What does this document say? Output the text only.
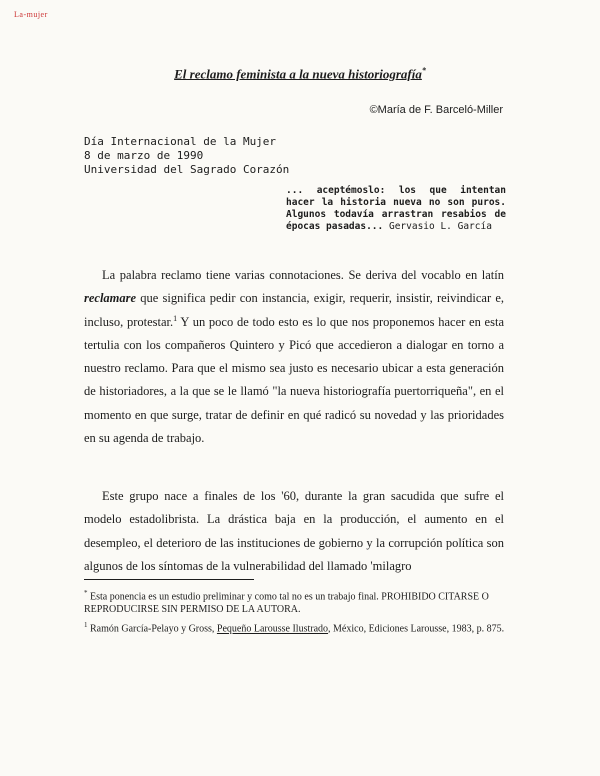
La-mujer
El reclamo feminista a la nueva historiografía*
©María de F. Barceló-Miller
Día Internacional de la Mujer
8 de marzo de 1990
Universidad del Sagrado Corazón
... aceptémoslo: los que intentan hacer la historia nueva no son puros. Algunos todavía arrastran resabios de épocas pasadas... Gervasio L. García
La palabra reclamo tiene varias connotaciones. Se deriva del vocablo en latín reclamare que significa pedir con instancia, exigir, requerir, insistir, reivindicar e, incluso, protestar.$^1$ Y un poco de todo esto es lo que nos proponemos hacer en esta tertulia con los compañeros Quintero y Picó que accedieron a dialogar en torno a nuestro reclamo. Para que el mismo sea justo es necesario ubicar a esta generación de historiadores, a la que se le llamó "la nueva historiografía puertorriqueña", en el momento en que surge, tratar de definir en qué radicó su novedad y las prioridades en su agenda de trabajo.
Este grupo nace a finales de los '60, durante la gran sacudida que sufre el modelo estadolibrista. La drástica baja en la producción, el aumento en el desempleo, el deterioro de las instituciones de gobierno y la corrupción política son algunos de los síntomas de la vulnerabilidad del llamado 'milagro

* Esta ponencia es un estudio preliminar y como tal no es un trabajo final. PROHIBIDO CITARSE O REPRODUCIRSE SIN PERMISO DE LA AUTORA.

$^1$ Ramón García-Pelayo y Gross, Pequeño Larousse Ilustrado, México, Ediciones Larousse, 1983, p. 875.
